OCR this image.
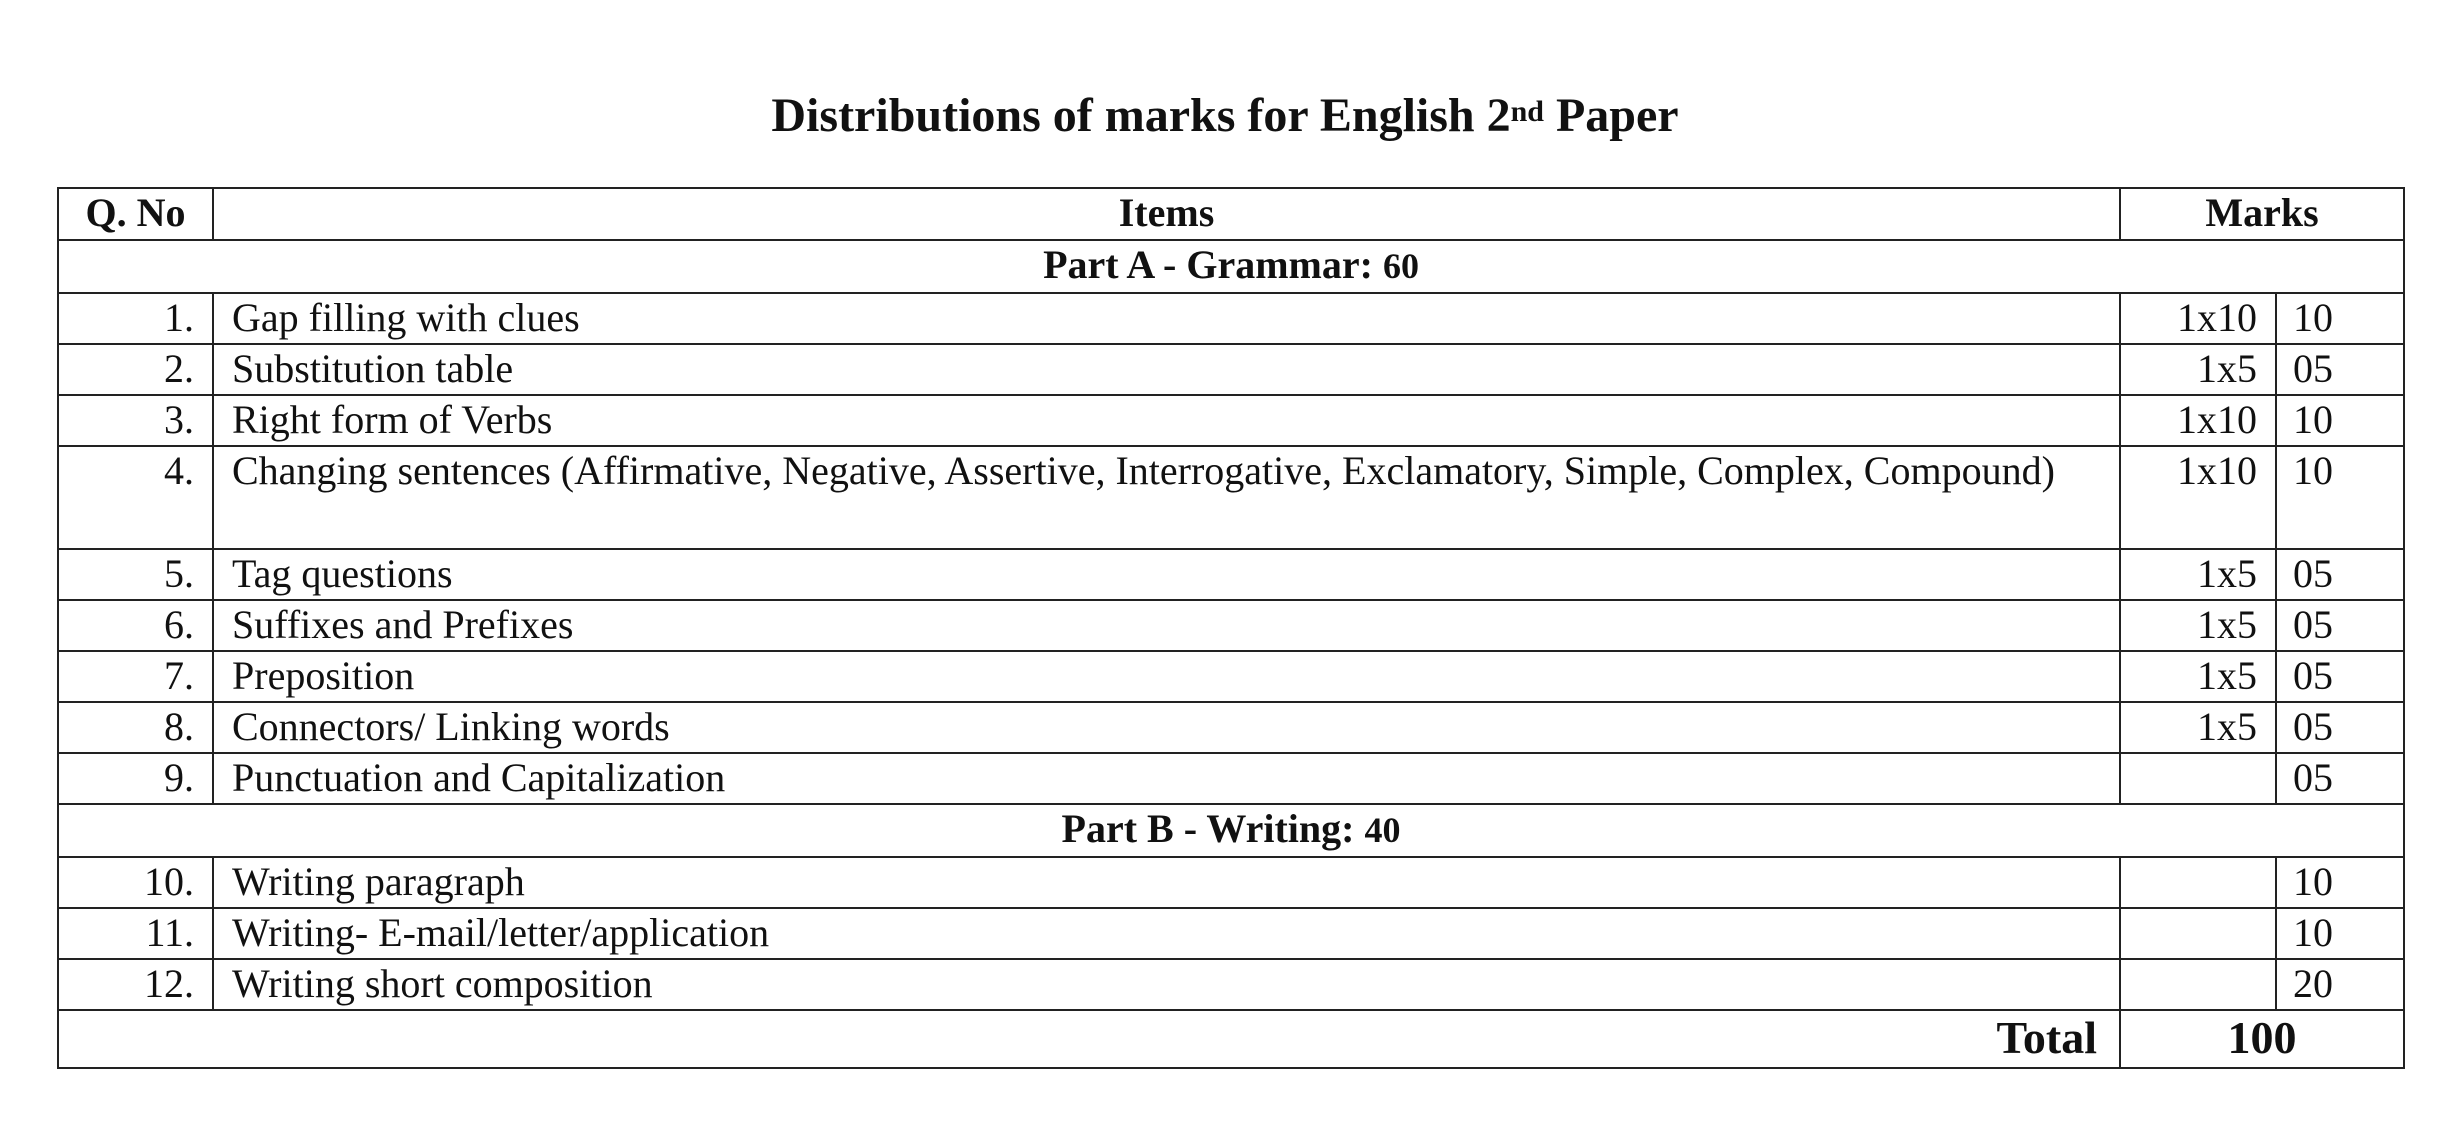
Distributions of marks for English 2nd Paper
Q. No	Items	Marks	
Part A - Grammar: 60			
1.	Gap filling with clues	1x10	10
2.	Substitution table	1x5	05
3.	Right form of Verbs	1x10	10
4.	Changing sentences (Affirmative, Negative, Assertive, Interrogative, Exclamatory, Simple, Complex, Compound)	1x10	10
5.	Tag questions	1x5	05
6.	Suffixes and Prefixes	1x5	05
7.	Preposition	1x5	05
8.	Connectors/ Linking words	1x5	05
9.	Punctuation and Capitalization		05
Part B - Writing: 40			
10.	Writing paragraph		10
11.	Writing- E-mail/letter/application		10
12.	Writing short composition		20
Total		100	
